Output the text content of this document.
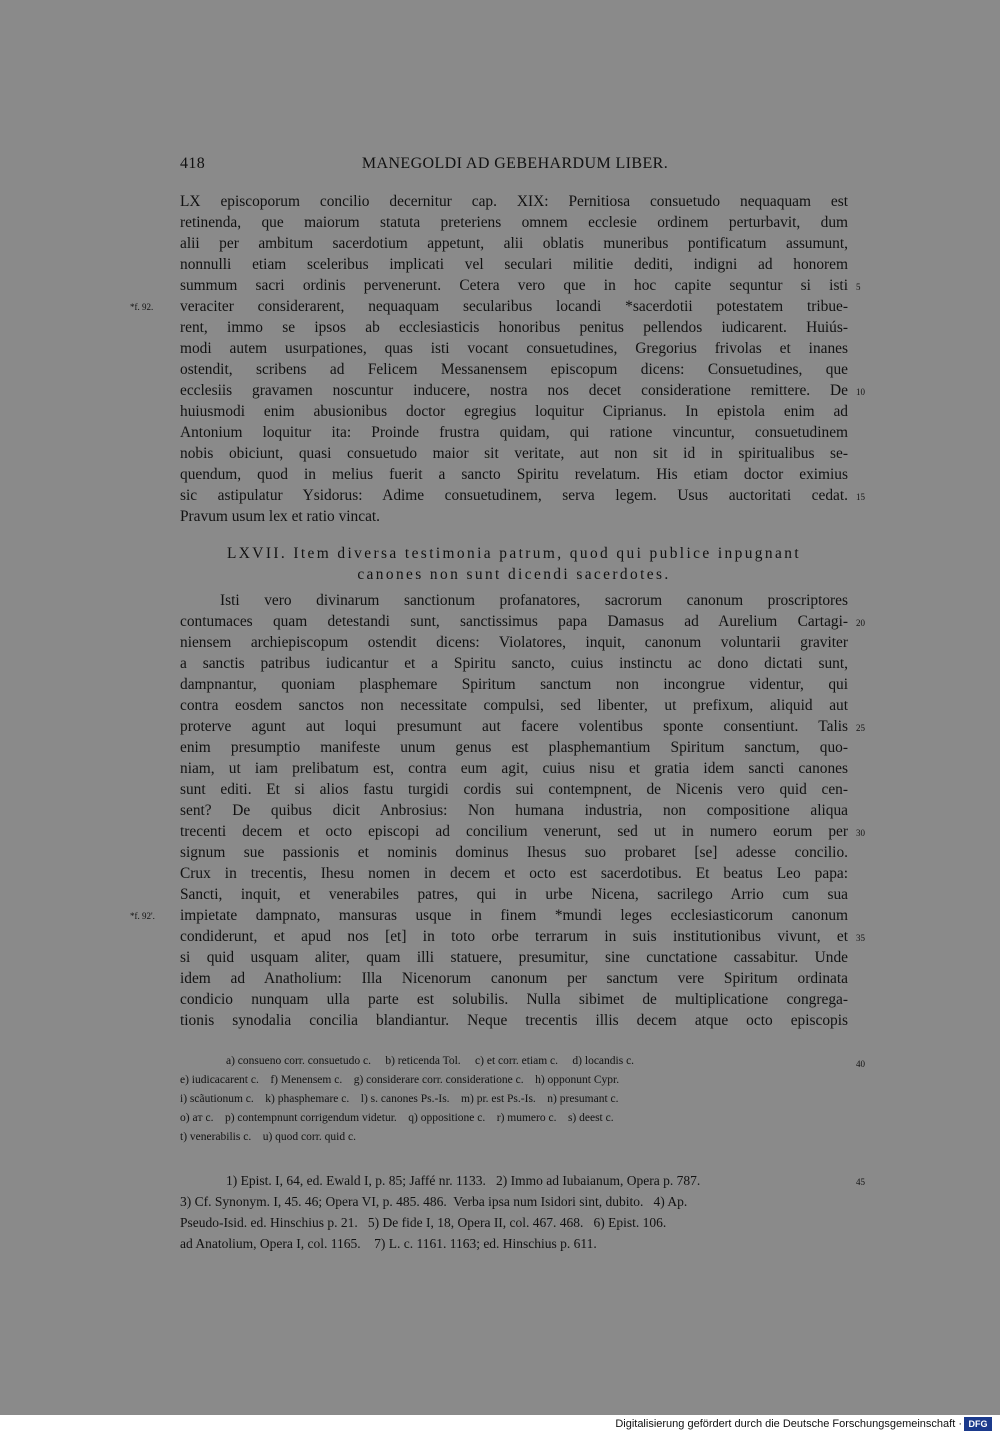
418	MANEGOLDI AD GEBEHARDUM LIBER.
LX episcoporum concilio decernitur cap. XIX: Pernitiosa consuetudo nequaquam est
retinenda, que maiorum statuta preteriens omnem ecclesie ordinem perturbavit, dum
alii per ambitum sacerdotium appetunt, alii oblatis muneribus pontificatum assumunt,
nonnulli etiam sceleribus implicati vel seculari militie dediti, indigni ad honorem
summum sacri ordinis pervenerunt. Cetera vero que in hoc capite sequntur si isti
veraciter considerarent, nequaquam secularibus locandi *sacerdotii potestatem tribue-
rent, immo se ipsos ab ecclesiasticis honoribus penitus pellendos iudicarent. Huiús-
modi autem usurpationes, quas isti vocant consuetudines, Gregorius frivolas et inanes
ostendit, scribens ad Felicem Messanensem episcopum dicens: Consuetudines, que
ecclesiis gravamen noscuntur inducere, nostra nos decet consideratione remittere. De
huiusmodi enim abusionibus doctor egregius loquitur Ciprianus. In epistola enim ad
Antonium loquitur ita: Proinde frustra quidam, qui ratione vincuntur, consuetudinem
nobis obiciunt, quasi consuetudo maior sit veritate, aut non sit id in spiritualibus se-
quendum, quod in melius fuerit a sancto Spiritu revelatum. His etiam doctor eximius
sic astipulatur Ysidorus: Adime consuetudinem, serva legem. Usus auctoritati cedat.
Pravum usum lex et ratio vincat.
LXVII. Item diversa testimonia patrum, quod qui publice inpugnant
canones non sunt dicendi sacerdotes.
Isti vero divinarum sanctionum profanatores, sacrorum canonum proscriptores
contumaces quam detestandi sunt, sanctissimus papa Damasus ad Aurelium Cartagi-
niensem archiepiscopum ostendit dicens: Violatores, inquit, canonum voluntarii graviter
a sanctis patribus iudicantur et a Spiritu sancto, cuius instinctu ac dono dictati sunt,
dampnantur, quoniam plasphemare Spiritum sanctum non incongrue videntur, qui
contra eosdem sanctos non necessitate compulsi, sed libenter, ut prefixum, aliquid aut
proterve agunt aut loqui presumunt aut facere volentibus sponte consentiunt. Talis
enim presumptio manifeste unum genus est plasphemantium Spiritum sanctum, quo-
niam, ut iam prelibatum est, contra eum agit, cuius nisu et gratia idem sancti canones
sunt editi. Et si alios fastu turgidi cordis sui contempnent, de Nicenis vero quid cen-
sent? De quibus dicit Anbrosius: Non humana industria, non compositione aliqua
trecenti decem et octo episcopi ad concilium venerunt, sed ut in numero eorum per
signum sue passionis et nominis dominus Ihesus suo probaret [se] adesse concilio.
Crux in trecentis, Ihesu nomen in decem et octo est sacerdotibus. Et beatus Leo papa:
Sancti, inquit, et venerabiles patres, qui in urbe Nicena, sacrilego Arrio cum sua
impietate dampnato, mansuras usque in finem *mundi leges ecclesiasticorum canonum
condiderunt, et apud nos [et] in toto orbe terrarum in suis institutionibus vivunt, et
si quid usquam aliter, quam illi statuere, presumitur, sine cunctatione cassabitur. Unde
idem ad Anatholium: Illa Nicenorum canonum per sanctum vere Spiritum ordinata
condicio nunquam ulla parte est solubilis. Nulla sibimet de multiplicatione congrega-
tionis synodalia concilia blandiantur. Neque trecentis illis decem atque octo episcopis
*f. 92.
*f. 92'.
5
10
15
20
25
30
35
40
45
a) consueno corr. consuetudo c.     b) reticenda Tol.     c) et corr. etiam c.     d) locandis c.
e) iudicacarent c.    f) Menensem c.    g) considerare corr. consideratione c.    h) opponunt Cypr.
i) scãutionum c.    k) phasphemare c.    l) s. canones Ps.-Is.    m) pr. est Ps.-Is.    n) presumant c.
o) aт c.    p) contempnunt corrigendum videtur.    q) oppositione c.    r) mumero c.    s) deest c.
t) venerabilis c.    u) quod corr. quid c.
1) Epist. I, 64, ed. Ewald I, p. 85; Jaffé nr. 1133.   2) Immo ad Iubaianum, Opera p. 787.
3) Cf. Synonym. I, 45. 46; Opera VI, p. 485. 486.  Verba ipsa num Isidori sint, dubito.   4) Ap.
Pseudo-Isid. ed. Hinschius p. 21.   5) De fide I, 18, Opera II, col. 467. 468.   6) Epist. 106.
ad Anatolium, Opera I, col. 1165.    7) L. c. 1161. 1163; ed. Hinschius p. 611.
Digitalisierung gefördert durch die Deutsche Forschungsgemeinschaft · DFG
